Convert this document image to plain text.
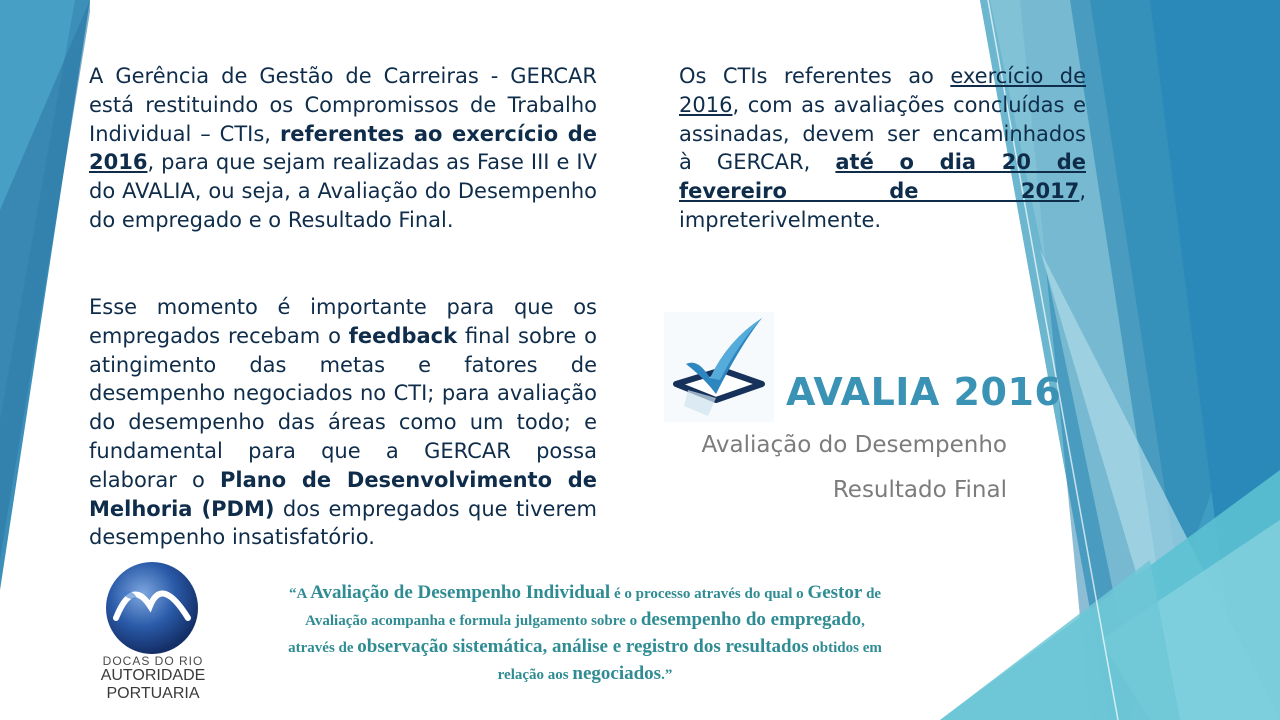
A Gerência de Gestão de Carreiras - GERCAR está restituindo os Compromissos de Trabalho Individual – CTIs, referentes ao exercício de 2016, para que sejam realizadas as Fase III e IV do AVALIA, ou seja, a Avaliação do Desempenho do empregado e o Resultado Final.

Esse momento é importante para que os empregados recebam o feedback final sobre o atingimento das metas e fatores de desempenho negociados no CTI; para avaliação do desempenho das áreas como um todo; e fundamental para que a GERCAR possa elaborar o Plano de Desenvolvimento de Melhoria (PDM) dos empregados que tiverem desempenho insatisfatório.

Os CTIs referentes ao exercício de 2016, com as avaliações concluídas e assinadas, devem ser encaminhados à GERCAR, até o dia 20 de fevereiro de 2017, impreterivelmente.

AVALIA 2016
Avaliação do Desempenho
Resultado Final
DOCAS DO RIO
AUTORIDADE PORTUARIA
“A Avaliação de Desempenho Individual é o processo através do qual o Gestor de Avaliação acompanha e formula julgamento sobre o desempenho do empregado, através de observação sistemática, análise e registro dos resultados obtidos em relação aos negociados.”
